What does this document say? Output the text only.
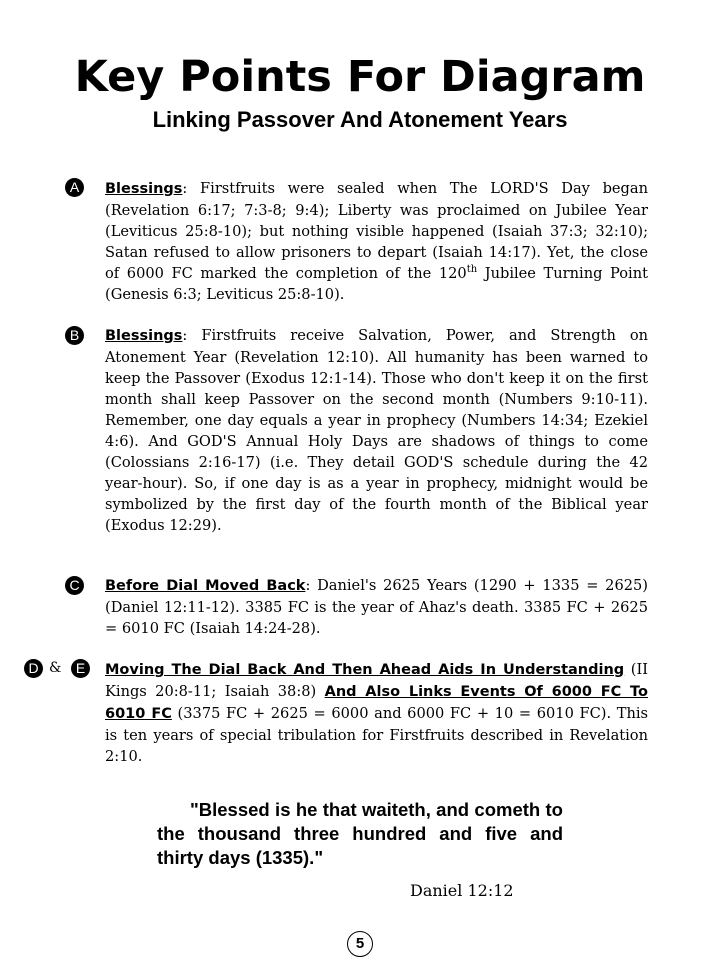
Key Points For Diagram
Linking Passover And Atonement Years
A	Blessings: Firstfruits were sealed when The LORD'S Day began (Revelation 6:17; 7:3-8; 9:4); Liberty was proclaimed on Jubilee Year (Leviticus 25:8-10); but nothing visible happened (Isaiah 37:3; 32:10); Satan refused to allow prisoners to depart (Isaiah 14:17). Yet, the close of 6000 FC marked the completion of the 120th Jubilee Turning Point (Genesis 6:3; Leviticus 25:8-10).
B	Blessings: Firstfruits receive Salvation, Power, and Strength on Atonement Year (Revelation 12:10). All humanity has been warned to keep the Passover (Exodus 12:1-14). Those who don't keep it on the first month shall keep Passover on the second month (Numbers 9:10-11). Remember, one day equals a year in prophecy (Numbers 14:34; Ezekiel 4:6). And GOD'S Annual Holy Days are shadows of things to come (Colossians 2:16-17) (i.e. They detail GOD'S schedule during the 42 year-hour). So, if one day is as a year in prophecy, midnight would be symbolized by the first day of the fourth month of the Biblical year (Exodus 12:29).
C	Before Dial Moved Back: Daniel's 2625 Years (1290 + 1335 = 2625) (Daniel 12:11-12). 3385 FC is the year of Ahaz's death. 3385 FC + 2625 = 6010 FC (Isaiah 14:24-28).
D &	E	Moving The Dial Back And Then Ahead Aids In Understanding (II Kings 20:8-11; Isaiah 38:8) And Also Links Events Of 6000 FC To 6010 FC (3375 FC + 2625 = 6000 and 6000 FC + 10 = 6010 FC). This is ten years of special tribulation for Firstfruits described in Revelation 2:10.
"Blessed is he that waiteth, and cometh to the thousand three hundred and five and thirty days (1335)."
Daniel 12:12
5
